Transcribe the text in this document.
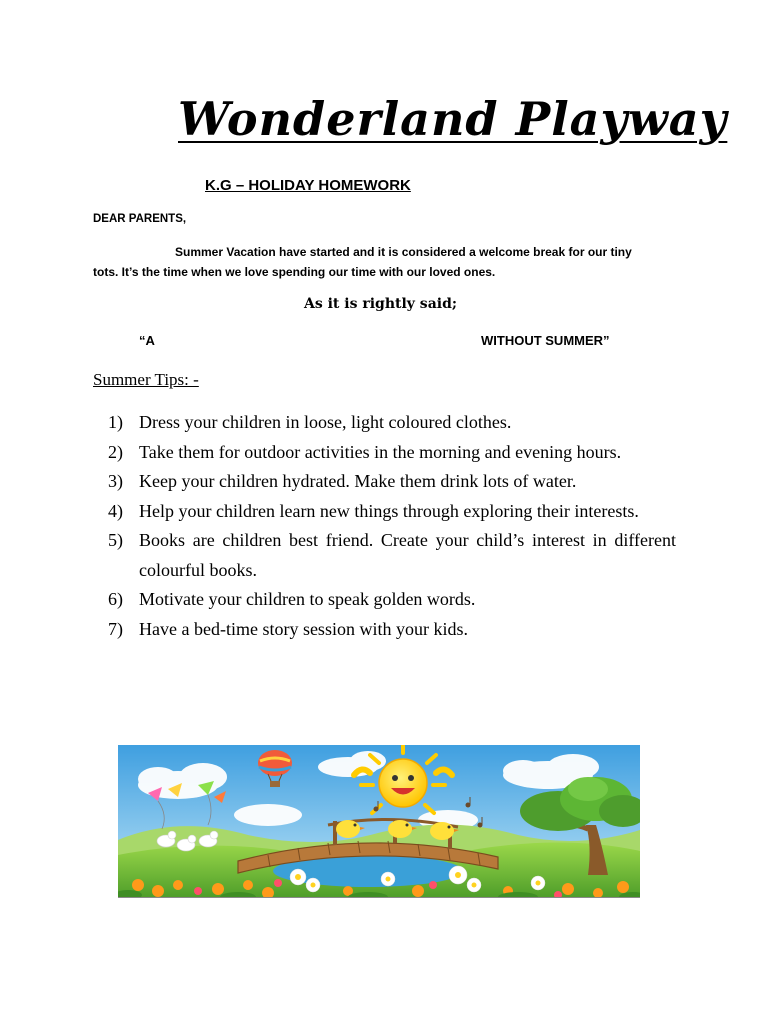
Wonderland Playway
K.G – HOLIDAY HOMEWORK
DEAR PARENTS,
Summer Vacation have started and it is considered a welcome break for our tiny
tots. It’s the time when we love spending our time with our loved ones.
As it is rightly said;
“A	WITHOUT SUMMER”
Summer Tips: -
1) Dress your children in loose, light coloured clothes.
2) Take them for outdoor activities in the morning and evening hours.
3) Keep your children hydrated. Make them drink lots of water.
4) Help your children learn new things through exploring their interests.
5) Books are children best friend. Create your child’s interest in different colourful books.
6) Motivate your children to speak golden words.
7) Have a bed-time story session with your kids.
